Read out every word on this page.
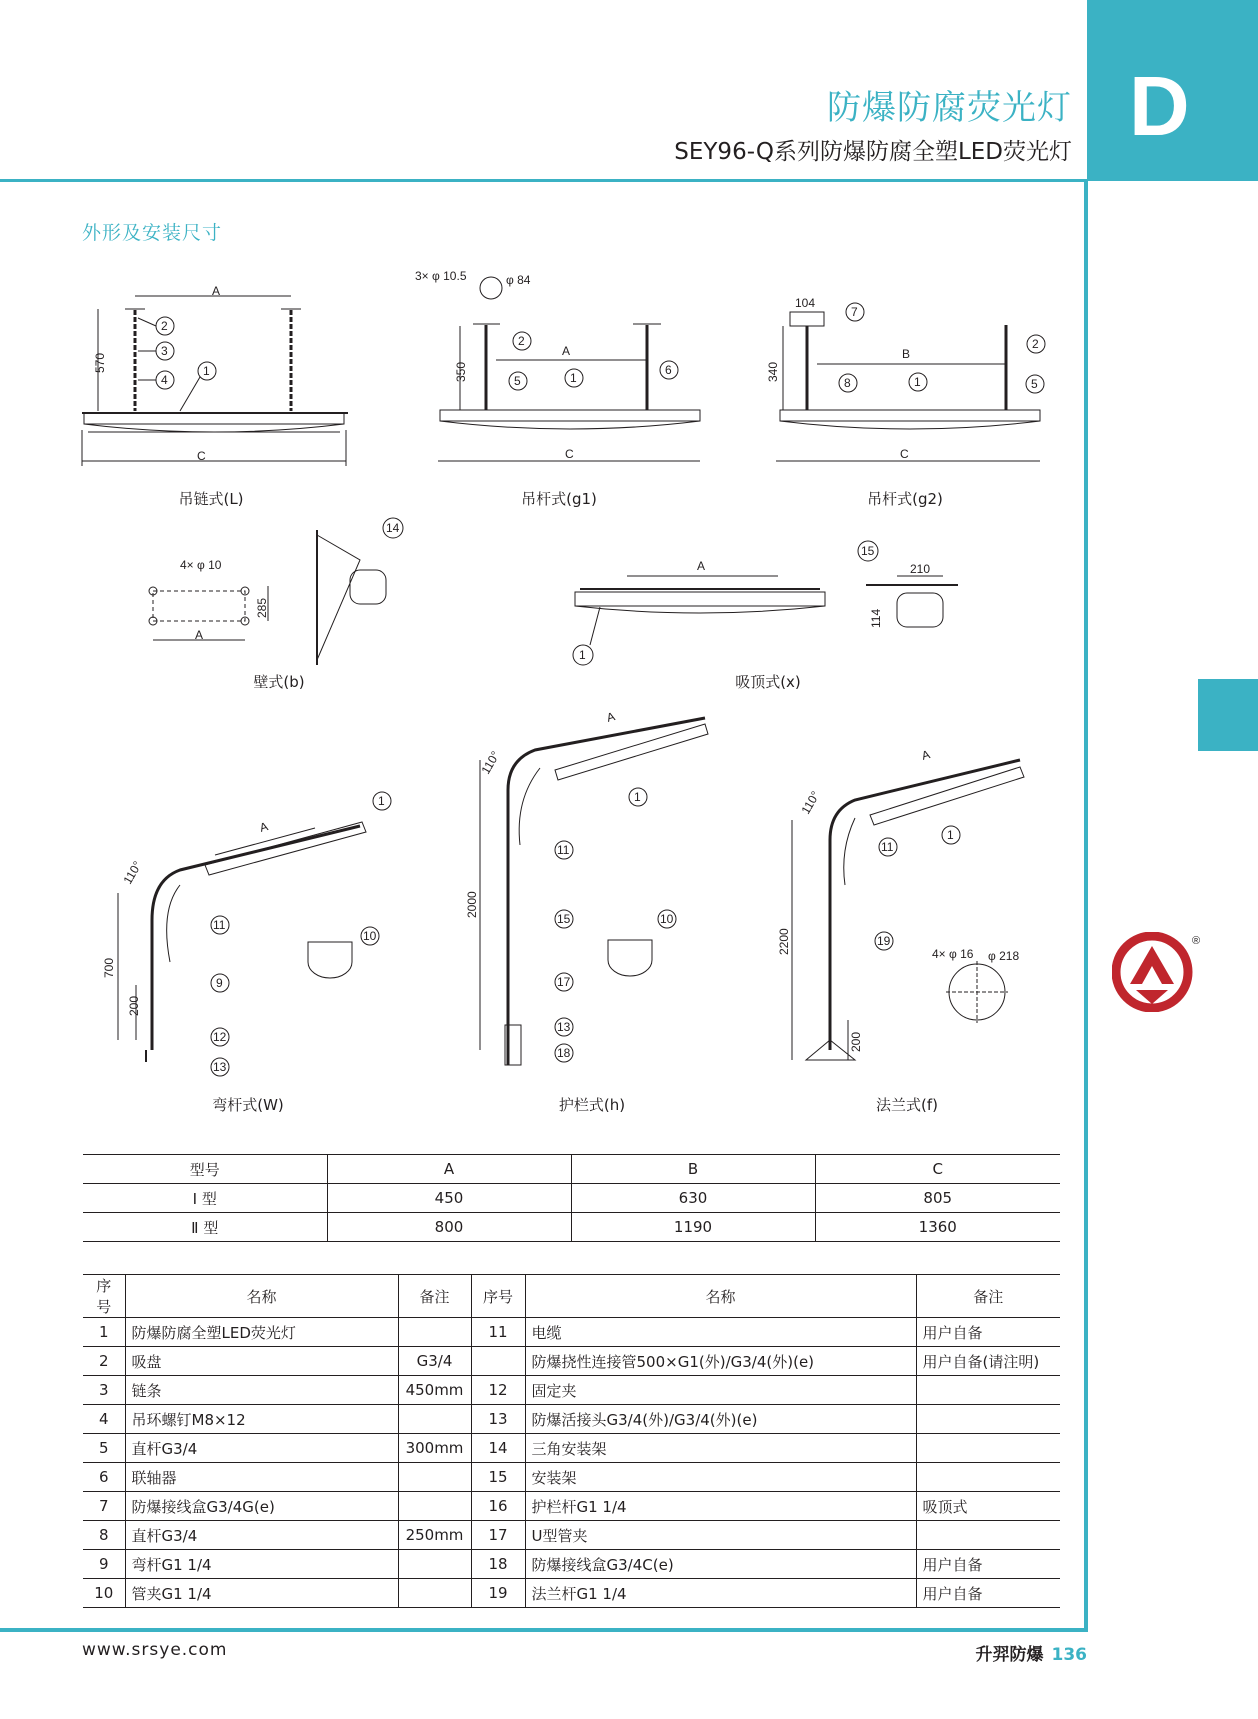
D
防爆防腐荧光灯
SEY96-Q系列防爆防腐全塑LED荧光灯
外形及安装尺寸
A
C
570
2
3
4
1
3× φ 10.5	φ 84
A
C
350
2
5	1
6
104
B
C
340
7
2
8	1	5
4× φ 10
A
285
14
A	210
114
1
15
A
110°
700
200
1
11
9
12
13
10
A
110°
2000
1
11
15
17
13
18
10
A
110°
2200
200
4× φ 16 φ 218
1
11
19
吊链式(L)	吊杆式(g1)	吊杆式(g2)
壁式(b)	吸顶式(x)
弯杆式(W)	护栏式(h)	法兰式(f)
型号	A	B	C
Ⅰ 型	450	630	805
Ⅱ 型	800	1190	1360
序号	名称	备注	序号	名称	备注
1	防爆防腐全塑LED荧光灯		11	电缆	用户自备
2	吸盘	G3/4		防爆挠性连接管500×G1(外)/G3/4(外)(e)	用户自备(请注明)
3	链条	450mm	12	固定夹	
4	吊环螺钉M8×12		13	防爆活接头G3/4(外)/G3/4(外)(e)	
5	直杆G3/4	300mm	14	三角安装架	
6	联轴器		15	安装架	
7	防爆接线盒G3/4G(e)		16	护栏杆G1 1/4	吸顶式
8	直杆G3/4	250mm	17	U型管夹	
9	弯杆G1 1/4		18	防爆接线盒G3/4C(e)	用户自备
10	管夹G1 1/4		19	法兰杆G1 1/4	用户自备
www.srsye.com	升羿防爆 136
®
